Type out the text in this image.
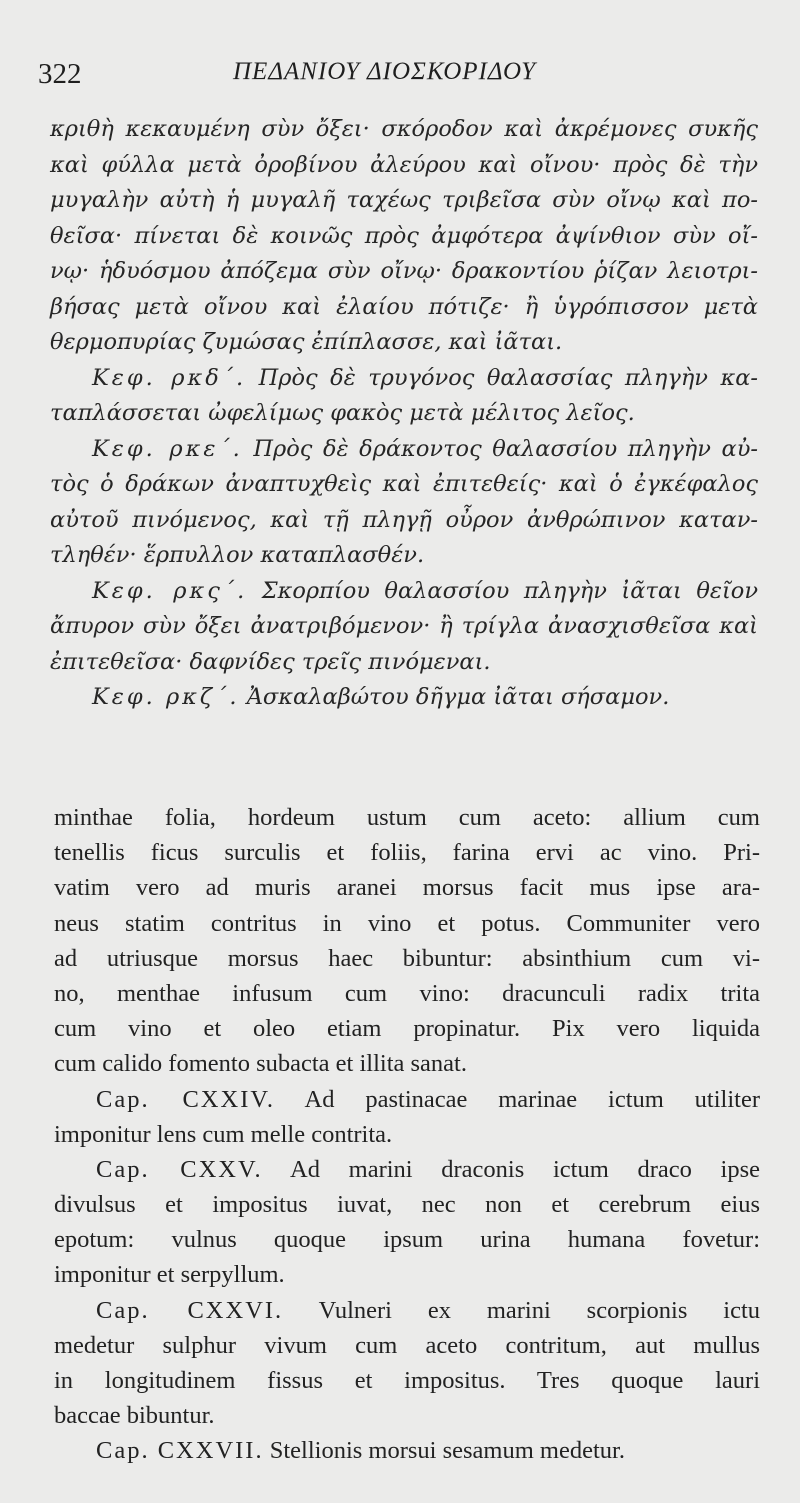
322	ΠΕΔΑΝΙΟΥ ΔΙΟΣΚΟΡΙΔΟΥ
κριθὴ κεκαυμένη σὺν ὄξει· σκόροδον καὶ ἀκρέμονες συκῆς
καὶ φύλλα μετὰ ὀροβίνου ἀλεύρου καὶ οἴνου· πρὸς δὲ τὴν
μυγαλὴν αὐτὴ ἡ μυγαλῆ ταχέως τριβεῖσα σὺν οἴνῳ καὶ πο-
θεῖσα· πίνεται δὲ κοινῶς πρὸς ἀμφότερα ἀψίνθιον σὺν οἴ-
νῳ· ἡδυόσμου ἀπόζεμα σὺν οἴνῳ· δρακοντίου ῥίζαν λειοτρι-
βήσας μετὰ οἴνου καὶ ἐλαίου πότιζε· ἢ ὑγρόπισσον μετὰ
θερμοπυρίας ζυμώσας ἐπίπλασσε, καὶ ἰᾶται.
Κεφ. ρκδ΄. Πρὸς δὲ τρυγόνος θαλασσίας πληγὴν κα-
ταπλάσσεται ὠφελίμως φακὸς μετὰ μέλιτος λεῖος.
Κεφ. ρκε΄. Πρὸς δὲ δράκοντος θαλασσίου πληγὴν αὐ-
τὸς ὁ δράκων ἀναπτυχθεὶς καὶ ἐπιτεθείς· καὶ ὁ ἐγκέφαλος
αὐτοῦ πινόμενος, καὶ τῇ πληγῇ οὖρον ἀνθρώπινον καταν-
τληθέν· ἕρπυλλον καταπλασθέν.
Κεφ. ρκς΄. Σκορπίου θαλασσίου πληγὴν ἰᾶται θεῖον
ἄπυρον σὺν ὄξει ἀνατριβόμενον· ἢ τρίγλα ἀνασχισθεῖσα καὶ
ἐπιτεθεῖσα· δαφνίδες τρεῖς πινόμεναι.
Κεφ. ρκζ΄. Ἀσκαλαβώτου δῆγμα ἰᾶται σήσαμον.
minthae folia, hordeum ustum cum aceto: allium cum
tenellis ficus surculis et foliis, farina ervi ac vino. Pri-
vatim vero ad muris aranei morsus facit mus ipse ara-
neus statim contritus in vino et potus. Communiter vero
ad utriusque morsus haec bibuntur: absinthium cum vi-
no, menthae infusum cum vino: dracunculi radix trita
cum vino et oleo etiam propinatur. Pix vero liquida
cum calido fomento subacta et illita sanat.
Cap. CXXIV. Ad pastinacae marinae ictum utiliter
imponitur lens cum melle contrita.
Cap. CXXV. Ad marini draconis ictum draco ipse
divulsus et impositus iuvat, nec non et cerebrum eius
epotum: vulnus quoque ipsum urina humana fovetur:
imponitur et serpyllum.
Cap. CXXVI. Vulneri ex marini scorpionis ictu
medetur sulphur vivum cum aceto contritum, aut mullus
in longitudinem fissus et impositus. Tres quoque lauri
baccae bibuntur.
Cap. CXXVII. Stellionis morsui sesamum medetur.
